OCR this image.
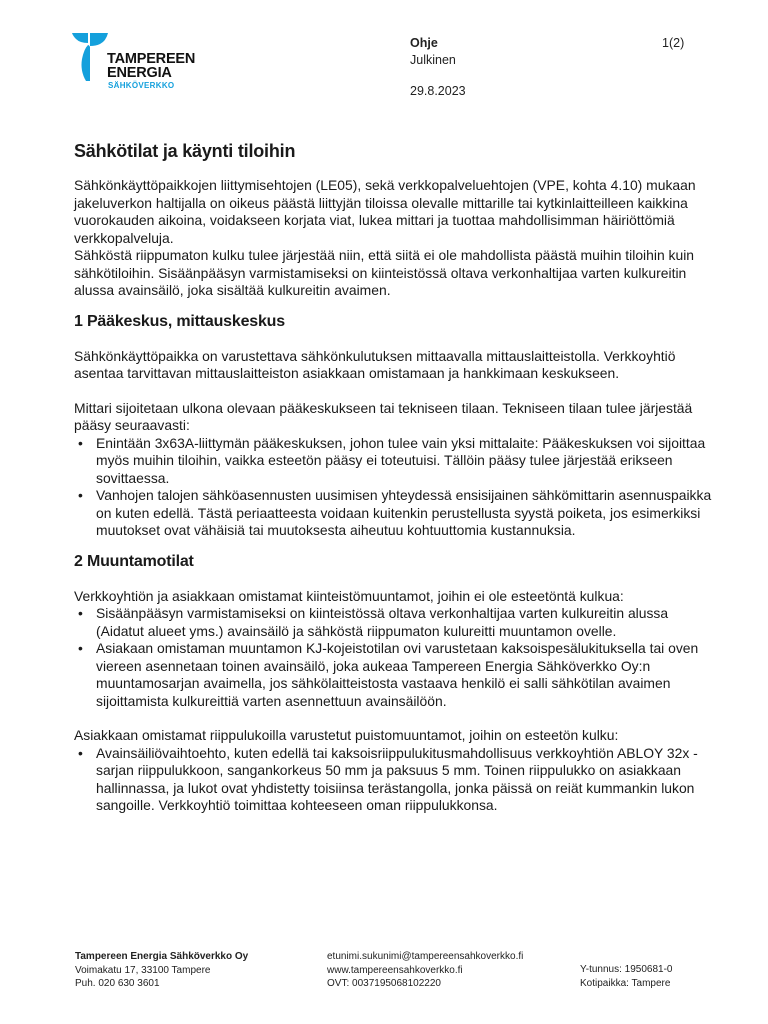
TAMPEREEN
ENERGIA
SÄHKÖVERKKO
Ohje	1(2)
Julkinen
29.8.2023
Sähkötilat ja käynti tiloihin

Sähkönkäyttöpaikkojen liittymisehtojen (LE05), sekä verkkopalveluehtojen (VPE, kohta 4.10) mukaan jakeluverkon haltijalla on oikeus päästä liittyjän tiloissa olevalle mittarille tai kytkinlaitteilleen kaikkina vuorokauden aikoina, voidakseen korjata viat, lukea mittari ja tuottaa mahdollisimman häiriöttömiä verkkopalveluja.

Sähköstä riippumaton kulku tulee järjestää niin, että siitä ei ole mahdollista päästä muihin tiloihin kuin sähkötiloihin. Sisäänpääsyn varmistamiseksi on kiinteistössä oltava verkonhaltijaa varten kulkureitin alussa avainsäilö, joka sisältää kulkureitin avaimen.

1 Pääkeskus, mittauskeskus

Sähkönkäyttöpaikka on varustettava sähkönkulutuksen mittaavalla mittauslaitteistolla. Verkkoyhtiö asentaa tarvittavan mittauslaitteiston asiakkaan omistamaan ja hankkimaan keskukseen.

Mittari sijoitetaan ulkona olevaan pääkeskukseen tai tekniseen tilaan. Tekniseen tilaan tulee järjestää pääsy seuraavasti:

• Enintään 3x63A-liittymän pääkeskuksen, johon tulee vain yksi mittalaite: Pääkeskuksen voi sijoittaa myös muihin tiloihin, vaikka esteetön pääsy ei toteutuisi. Tällöin pääsy tulee järjestää erikseen sovittaessa.
• Vanhojen talojen sähköasennusten uusimisen yhteydessä ensisijainen sähkömittarin asennuspaikka on kuten edellä. Tästä periaatteesta voidaan kuitenkin perustellusta syystä poiketa, jos esimerkiksi muutokset ovat vähäisiä tai muutoksesta aiheutuu kohtuuttomia kustannuksia.
2 Muuntamotilat

Verkkoyhtiön ja asiakkaan omistamat kiinteistömuuntamot, joihin ei ole esteetöntä kulkua:

• Sisäänpääsyn varmistamiseksi on kiinteistössä oltava verkonhaltijaa varten kulkureitin alussa (Aidatut alueet yms.) avainsäilö ja sähköstä riippumaton kulureitti muuntamon ovelle.
• Asiakaan omistaman muuntamon KJ-kojeistotilan ovi varustetaan kaksoispesälukituksella tai oven viereen asennetaan toinen avainsäilö, joka aukeaa Tampereen Energia Sähköverkko Oy:n muuntamosarjan avaimella, jos sähkölaitteistosta vastaava henkilö ei salli sähkötilan avaimen sijoittamista kulkureittiä varten asennettuun avainsäilöön.

Asiakkaan omistamat riippulukoilla varustetut puistomuuntamot, joihin on esteetön kulku:

• Avainsäiliövaihtoehto, kuten edellä tai kaksoisriippulukitusmahdollisuus verkkoyhtiön ABLOY 32x -sarjan riippulukkoon, sangankorkeus 50 mm ja paksuus 5 mm. Toinen riippulukko on asiakkaan hallinnassa, ja lukot ovat yhdistetty toisiinsa terästangolla, jonka päissä on reiät kummankin lukon sangoille. Verkkoyhtiö toimittaa kohteeseen oman riippulukkonsa.
Tampereen Energia Sähköverkko Oy
Voimakatu 17, 33100 Tampere
Puh. 020 630 3601
etunimi.sukunimi@tampereensahkoverkko.fi
www.tampereensahkoverkko.fi
OVT: 0037195068102220
Y-tunnus: 1950681-0
Kotipaikka: Tampere
